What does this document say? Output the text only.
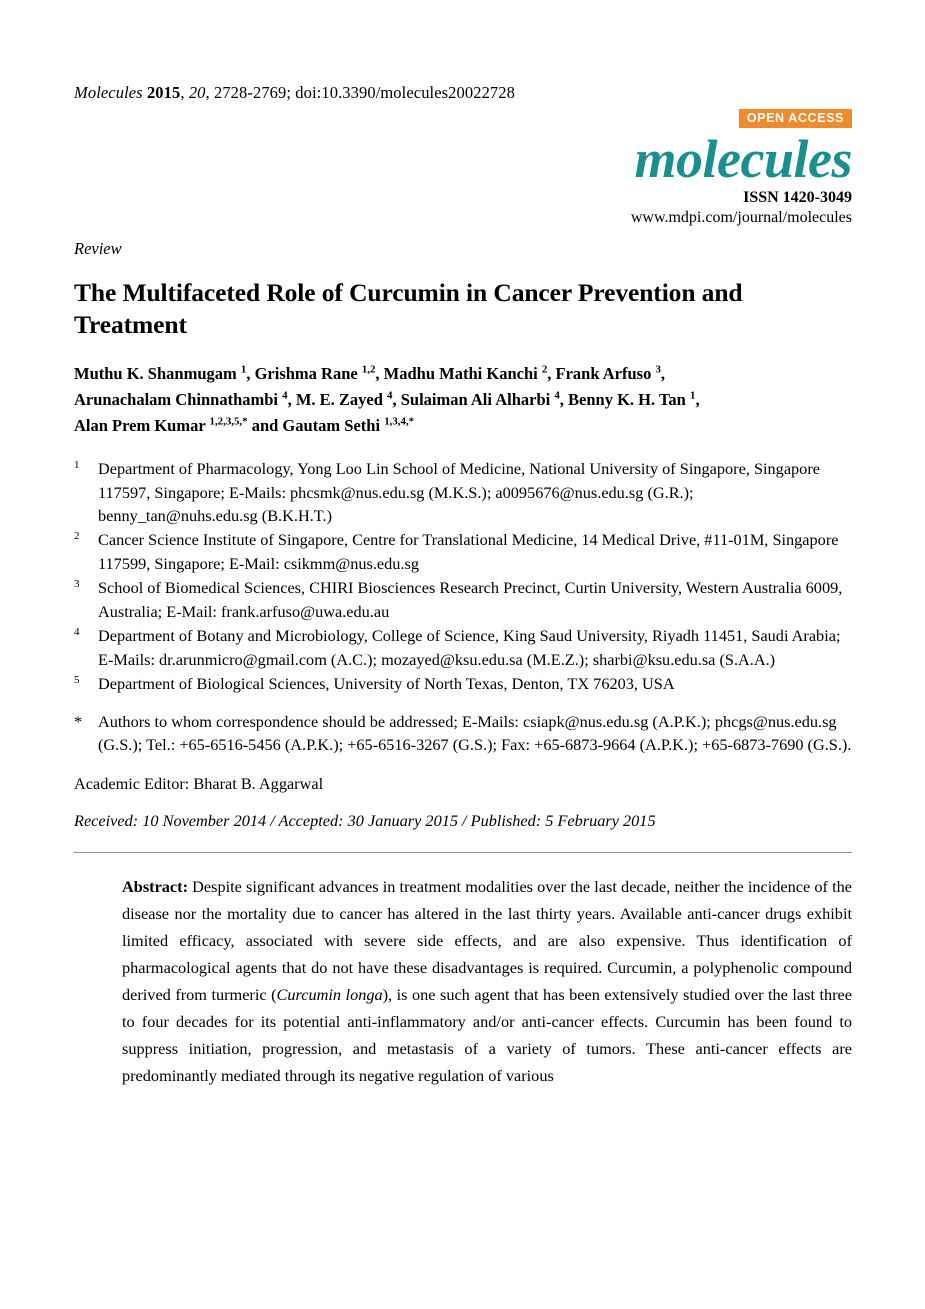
Molecules 2015, 20, 2728-2769; doi:10.3390/molecules20022728
OPEN ACCESS
molecules
ISSN 1420-3049
www.mdpi.com/journal/molecules
Review
The Multifaceted Role of Curcumin in Cancer Prevention and Treatment
Muthu K. Shanmugam $^1$, Grishma Rane $^{1,2}$, Madhu Mathi Kanchi $^2$, Frank Arfuso $^3$,
Arunachalam Chinnathambi $^4$, M. E. Zayed $^4$, Sulaiman Ali Alharbi $^4$, Benny K. H. Tan $^1$,
Alan Prem Kumar $^{1,2,3,5,*}$ and Gautam Sethi $^{1,3,4,*}$
1	Department of Pharmacology, Yong Loo Lin School of Medicine, National University of Singapore, Singapore 117597, Singapore; E-Mails: phcsmk@nus.edu.sg (M.K.S.); a0095676@nus.edu.sg (G.R.); benny_tan@nuhs.edu.sg (B.K.H.T.)
2	Cancer Science Institute of Singapore, Centre for Translational Medicine, 14 Medical Drive, #11-01M, Singapore 117599, Singapore; E-Mail: csikmm@nus.edu.sg
3	School of Biomedical Sciences, CHIRI Biosciences Research Precinct, Curtin University, Western Australia 6009, Australia; E-Mail: frank.arfuso@uwa.edu.au
4	Department of Botany and Microbiology, College of Science, King Saud University, Riyadh 11451, Saudi Arabia; E-Mails: dr.arunmicro@gmail.com (A.C.); mozayed@ksu.edu.sa (M.E.Z.); sharbi@ksu.edu.sa (S.A.A.)
5	Department of Biological Sciences, University of North Texas, Denton, TX 76203, USA
* Authors to whom correspondence should be addressed; E-Mails: csiapk@nus.edu.sg (A.P.K.); phcgs@nus.edu.sg (G.S.); Tel.: +65-6516-5456 (A.P.K.); +65-6516-3267 (G.S.); Fax: +65-6873-9664 (A.P.K.); +65-6873-7690 (G.S.).
Academic Editor: Bharat B. Aggarwal
Received: 10 November 2014 / Accepted: 30 January 2015 / Published: 5 February 2015
Abstract: Despite significant advances in treatment modalities over the last decade, neither the incidence of the disease nor the mortality due to cancer has altered in the last thirty years. Available anti-cancer drugs exhibit limited efficacy, associated with severe side effects, and are also expensive. Thus identification of pharmacological agents that do not have these disadvantages is required. Curcumin, a polyphenolic compound derived from turmeric (Curcumin longa), is one such agent that has been extensively studied over the last three to four decades for its potential anti-inflammatory and/or anti-cancer effects. Curcumin has been found to suppress initiation, progression, and metastasis of a variety of tumors. These anti-cancer effects are predominantly mediated through its negative regulation of various
